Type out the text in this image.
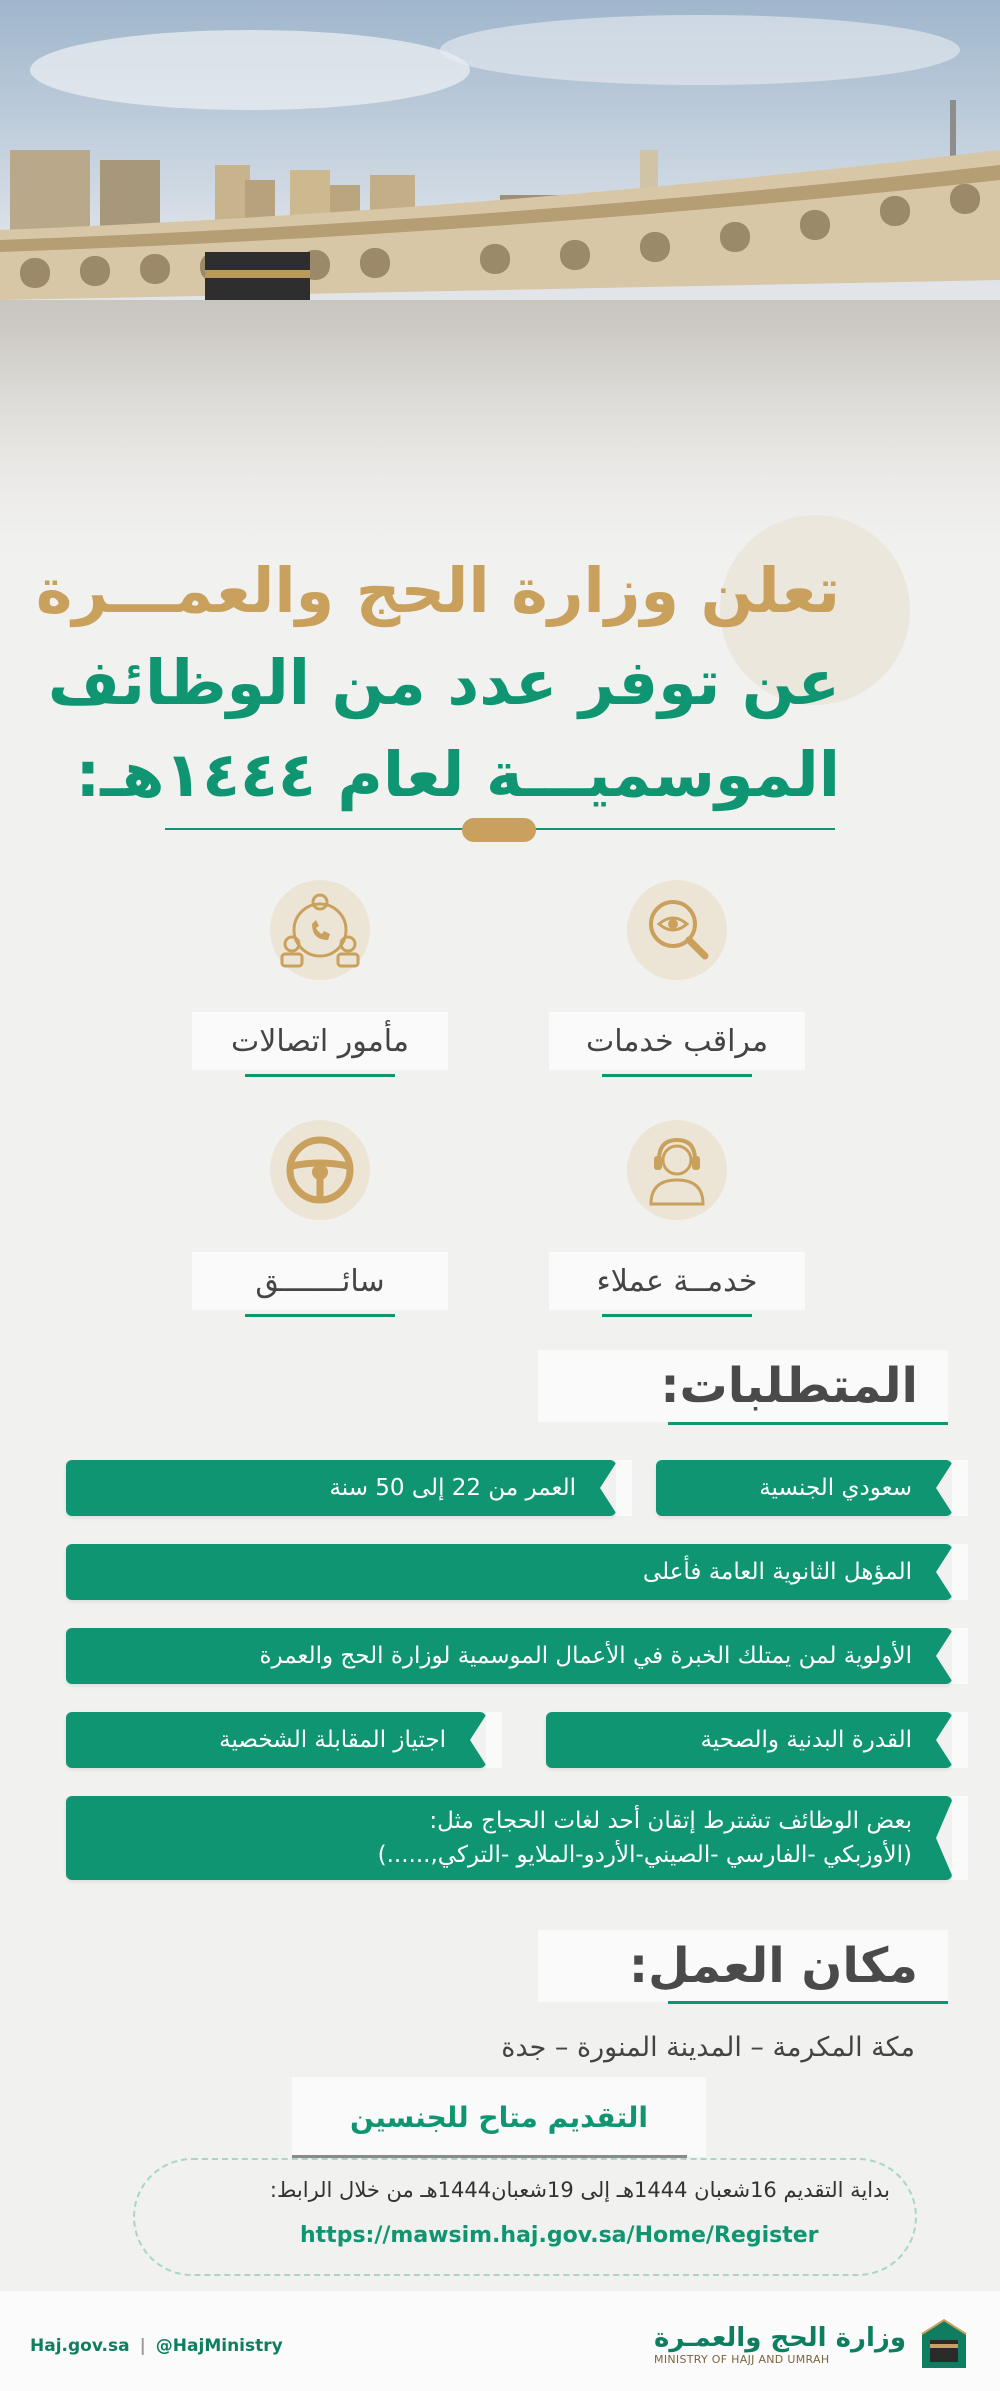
تعلن وزارة الحج والعمـــرة
عن توفر عدد من الوظائف
الموسميـــة لعام ١٤٤٤هـ:
مراقب خدمات
مأمور اتصالات
خدمــة عملاء
سائـــــــق
المتطلبات:
سعودي الجنسية
العمر من 22 إلى 50 سنة
المؤهل الثانوية العامة فأعلى
الأولوية لمن يمتلك الخبرة في الأعمال الموسمية لوزارة الحج والعمرة
القدرة البدنية والصحية
اجتياز المقابلة الشخصية
بعض الوظائف تشترط إتقان أحد لغات الحجاج مثل:
(الأوزبكي -الفارسي -الصيني-الأردو-الملايو -التركي,......)
مكان العمل:
مكة المكرمة – المدينة المنورة – جدة
التقديم متاح للجنسين
بداية التقديم 16شعبان 1444هـ إلى 19شعبان1444هـ من خلال الرابط:
https://mawsim.haj.gov.sa/Home/Register
Haj.gov.sa | @HajMinistry	وزارة الحج والعمـرة
MINISTRY OF HAJJ AND UMRAH
